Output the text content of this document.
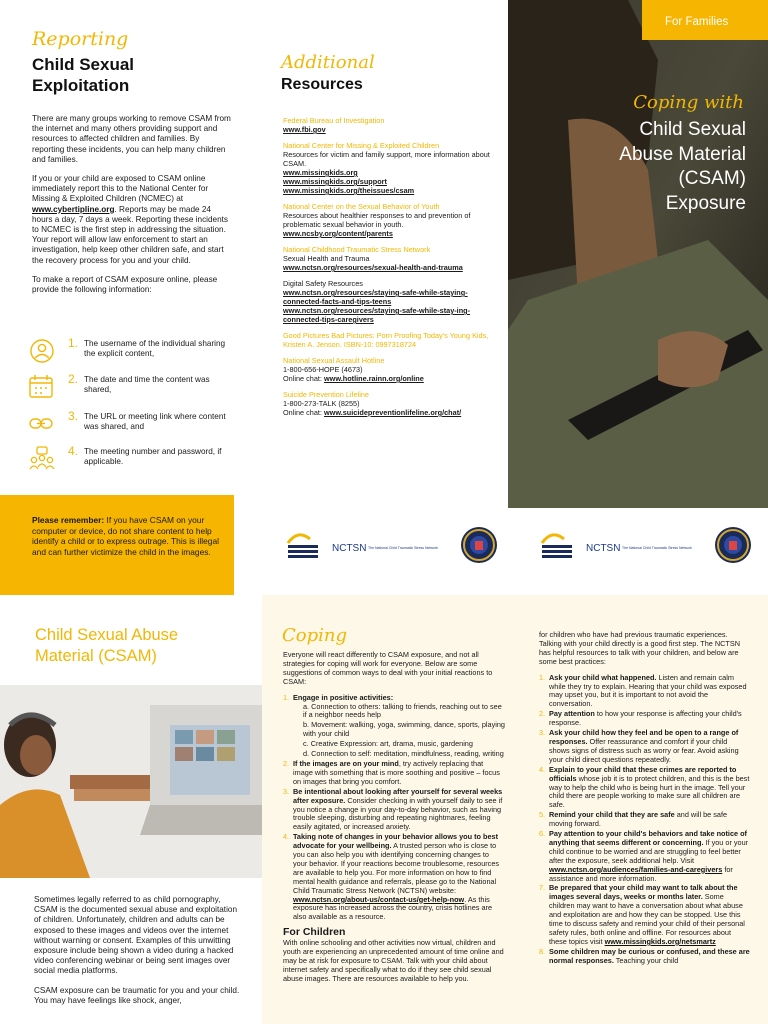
Reporting
Child Sexual
Exploitation

There are many groups working to remove CSAM from the internet and many others providing support and resources to affected children and families. By reporting these incidents, you can help many children and families.

If you or your child are exposed to CSAM online immediately report this to the National Center for Missing & Exploited Children (NCMEC) at www.cybertipline.org. Reports may be made 24 hours a day, 7 days a week. Reporting these incidents to NCMEC is the first step in addressing the situation. Your report will allow law enforcement to start an investigation, help keep other children safe, and start the recovery process for you and your child.

To make a report of CSAM exposure online, please provide the following information:

1. The username of the individual sharing the explicit content,
2. The date and time the content was shared,
3. The URL or meeting link where content was shared, and
4. The meeting number and password, if applicable.

Please remember: If you have CSAM on your computer or device, do not share content to help identify a child or to express outrage. This is illegal and can further victimize the child in the images.

Additional
Resources
Federal Bureau of Investigation
www.fbi.gov
National Center for Missing & Exploited Children
Resources for victim and family support, more information about CSAM.
www.missingkids.org
www.missingkids.org/support
www.missingkids.org/theissues/csam
National Center on the Sexual Behavior of Youth
Resources about healthier responses to and prevention of problematic sexual behavior in youth.
www.ncsby.org/content/parents
National Childhood Traumatic Stress Network
Sexual Health and Trauma
www.nctsn.org/resources/sexual-health-and-trauma
Digital Safety Resources
www.nctsn.org/resources/staying-safe-while-staying-connected-facts-and-tips-teens
www.nctsn.org/resources/staying-safe-while-stay-ing-connected-tips-caregivers
Good Pictures Bad Pictures: Porn Proofing Today's Young Kids, Kristen A. Jenson. ISBN-10: 0997318724
National Sexual Assault Hotline
1-800-656-HOPE (4673)
Online chat: www.hotline.rainn.org/online
Suicide Prevention Lifeline
1-800-273-TALK (8255)
Online chat: www.suicidepreventionlifeline.org/chat/
NCTSN The National Child Traumatic Stress Network
For Families
Coping with
Child Sexual
Abuse Material
(CSAM)
Exposure
NCTSN The National Child Traumatic Stress Network
Child Sexual Abuse
Material (CSAM)

Sometimes legally referred to as child pornography, CSAM is the documented sexual abuse and exploitation of children. Unfortunately, children and adults can be exposed to these images and videos over the internet without warning or consent. Examples of this unwitting exposure include being shown a video during a hacked video conferencing webinar or being sent images over social media platforms.

CSAM exposure can be traumatic for you and your child. You may have feelings like shock, anger,

Coping

Everyone will react differently to CSAM exposure, and not all strategies for coping will work for everyone. Below are some suggestions of common ways to deal with your initial reactions to CSAM:

1. Engage in positive activities:
a. Connection to others: talking to friends, reaching out to see if a neighbor needs help
b. Movement: walking, yoga, swimming, dance, sports, playing with your child
c. Creative Expression: art, drama, music, gardening
d. Connection to self: meditation, mindfulness, reading, writing
2. If the images are on your mind, try actively replacing that image with something that is more soothing and positive – focus on images that bring you comfort.
3. Be intentional about looking after yourself for several weeks after exposure. Consider checking in with yourself daily to see if you notice a change in your day-to-day behavior, such as having trouble sleeping, disturbing and repeating nightmares, feeling easily agitated, or increased anxiety.
4. Taking note of changes in your behavior allows you to best advocate for your wellbeing. A trusted person who is close to you can also help you with identifying concerning changes to your behavior. If your reactions become troublesome, resources are available to help you. For more information on how to find mental health guidance and referrals, please go to the National Child Traumatic Stress Network (NCTSN) website: www.nctsn.org/about-us/contact-us/get-help-now. As this exposure has increased across the country, crisis hotlines are also available as a resource.
For Children

With online schooling and other activities now virtual, children and youth are experiencing an unprecedented amount of time online and may be at risk for exposure to CSAM. Talk with your child about internet safety and specifically what to do if they see child sexual abuse images. There are resources available to help you.

for children who have had previous traumatic experiences. Talking with your child directly is a good first step. The NCTSN has helpful resources to talk with your children, and below are some best practices:

1. Ask your child what happened. Listen and remain calm while they try to explain. Hearing that your child was exposed may upset you, but it is important to not avoid the conversation.
2. Pay attention to how your response is affecting your child's response.
3. Ask your child how they feel and be open to a range of responses. Offer reassurance and comfort if your child shows signs of distress such as worry or fear. Avoid asking your child direct questions repeatedly.
4. Explain to your child that these crimes are reported to officials whose job it is to protect children, and this is the best way to help the child who is being hurt in the image. Tell your child there are people working to make sure all children are safe.
5. Remind your child that they are safe and will be safe moving forward.
6. Pay attention to your child's behaviors and take notice of anything that seems different or concerning. If you or your child continue to be worried and are struggling to feel better after the exposure, seek additional help. Visit www.nctsn.org/audiences/families-and-caregivers for assistance and more information.
7. Be prepared that your child may want to talk about the images several days, weeks or months later. Some children may want to have a conversation about what abuse and exploitation are and how they can be stopped. Use this time to discuss safety and remind your child of their personal safety rules, both online and offline. For resources about these topics visit www.missingkids.org/netsmartz
8. Some children may be curious or confused, and these are normal responses. Teaching your child
